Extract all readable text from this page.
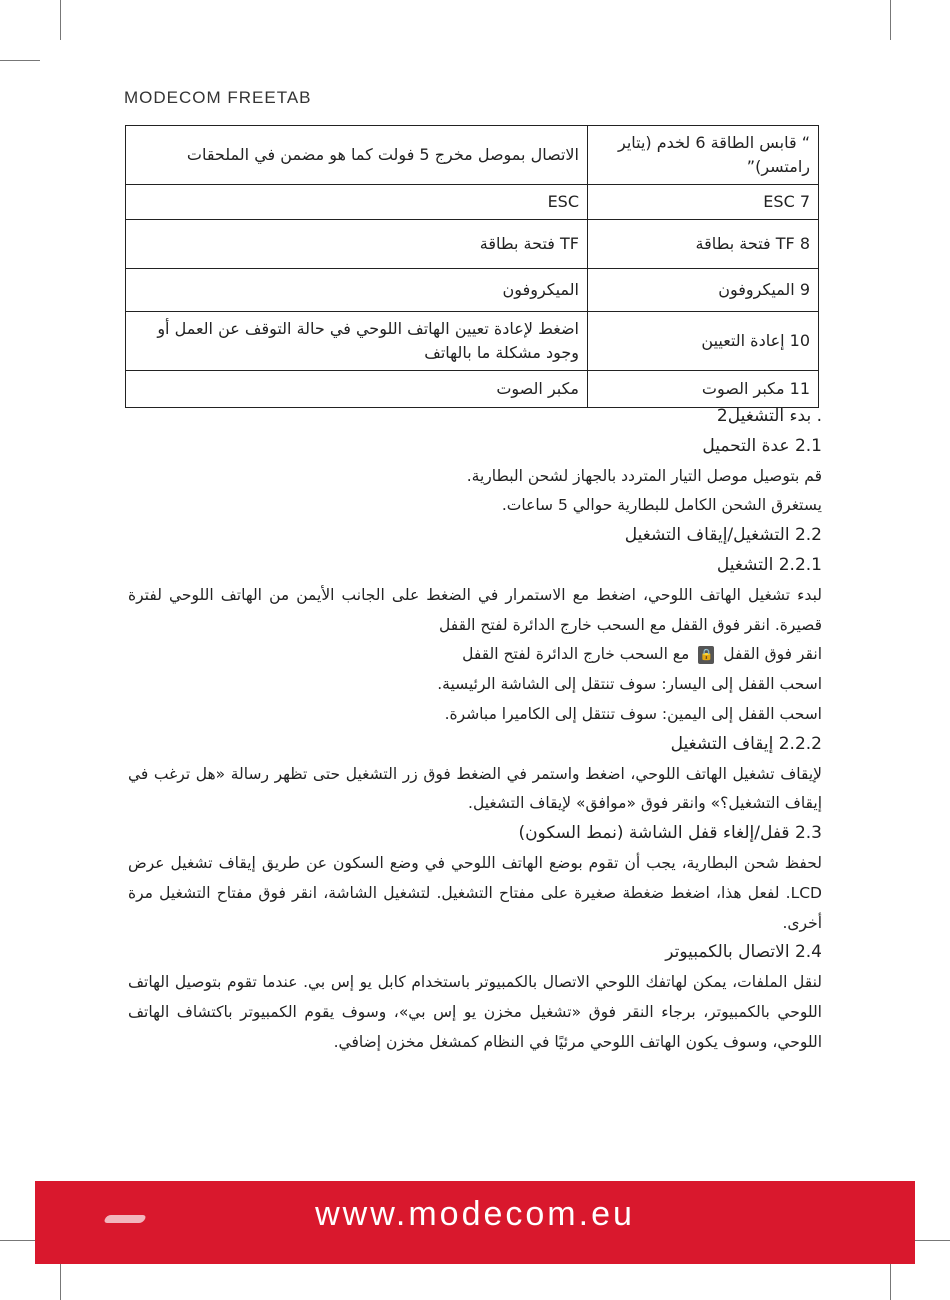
MODECOM FREETAB
الاتصال بموصل مخرج 5 فولت كما هو مضمن في الملحقات	“ قابس الطاقة 6 لخدم (يتاير رامتسر)”
ESC	ESC 7
TF فتحة بطاقة	TF 8 فتحة بطاقة
الميكروفون	9 الميكروفون
اضغط لإعادة تعيين الهاتف اللوحي في حالة التوقف عن العمل أو وجود مشكلة ما بالهاتف	10 إعادة التعيين
مكبر الصوت	11 مكبر الصوت

. بدء التشغيل2

2.1 عدة التحميل

قم بتوصيل موصل التيار المتردد بالجهاز لشحن البطارية.

يستغرق الشحن الكامل للبطارية حوالي 5 ساعات.

2.2 التشغيل/إيقاف التشغيل

2.2.1 التشغيل

لبدء تشغيل الهاتف اللوحي، اضغط مع الاستمرار في الضغط على الجانب الأيمن من الهاتف اللوحي لفترة قصيرة. انقر فوق القفل مع السحب خارج الدائرة لفتح القفل

انقر فوق القفل 🔒 مع السحب خارج الدائرة لفتح القفل

اسحب القفل إلى اليسار: سوف تنتقل إلى الشاشة الرئيسية.

اسحب القفل إلى اليمين: سوف تنتقل إلى الكاميرا مباشرة.

2.2.2 إيقاف التشغيل

لإيقاف تشغيل الهاتف اللوحي، اضغط واستمر في الضغط فوق زر التشغيل حتى تظهر رسالة «هل ترغب في إيقاف التشغيل؟» وانقر فوق «موافق» لإيقاف التشغيل.

2.3 قفل/إلغاء قفل الشاشة (نمط السكون)

لحفظ شحن البطارية، يجب أن تقوم بوضع الهاتف اللوحي في وضع السكون عن طريق إيقاف تشغيل عرض LCD. لفعل هذا، اضغط ضغطة صغيرة على مفتاح التشغيل. لتشغيل الشاشة، انقر فوق مفتاح التشغيل مرة أخرى.

2.4 الاتصال بالكمبيوتر

لنقل الملفات، يمكن لهاتفك اللوحي الاتصال بالكمبيوتر باستخدام كابل يو إس بي. عندما تقوم بتوصيل الهاتف اللوحي بالكمبيوتر، برجاء النقر فوق «تشغيل مخزن يو إس بي»، وسوف يقوم الكمبيوتر باكتشاف الهاتف اللوحي، وسوف يكون الهاتف اللوحي مرئيًا في النظام كمشغل مخزن إضافي.

www.modecom.eu
